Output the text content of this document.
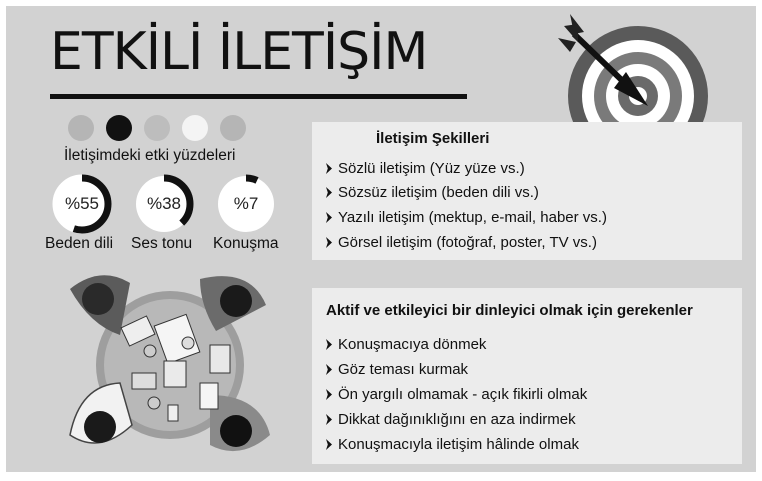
ETKİLİ İLETİŞİM
İletişimdeki etki yüzdeleri
%55	%38	%7
Beden dili Ses tonu Konuşma
İletişim Şekilleri
Sözlü iletişim (Yüz yüze vs.)
Sözsüz iletişim (beden dili vs.)
Yazılı iletişim (mektup, e-mail, haber vs.)
Görsel iletişim (fotoğraf, poster, TV vs.)
Aktif ve etkileyici bir dinleyici olmak için gerekenler
Konuşmacıya dönmek
Göz teması kurmak
Ön yargılı olmamak - açık fikirli olmak
Dikkat dağınıklığını en aza indirmek
Konuşmacıyla iletişim hâlinde olmak
